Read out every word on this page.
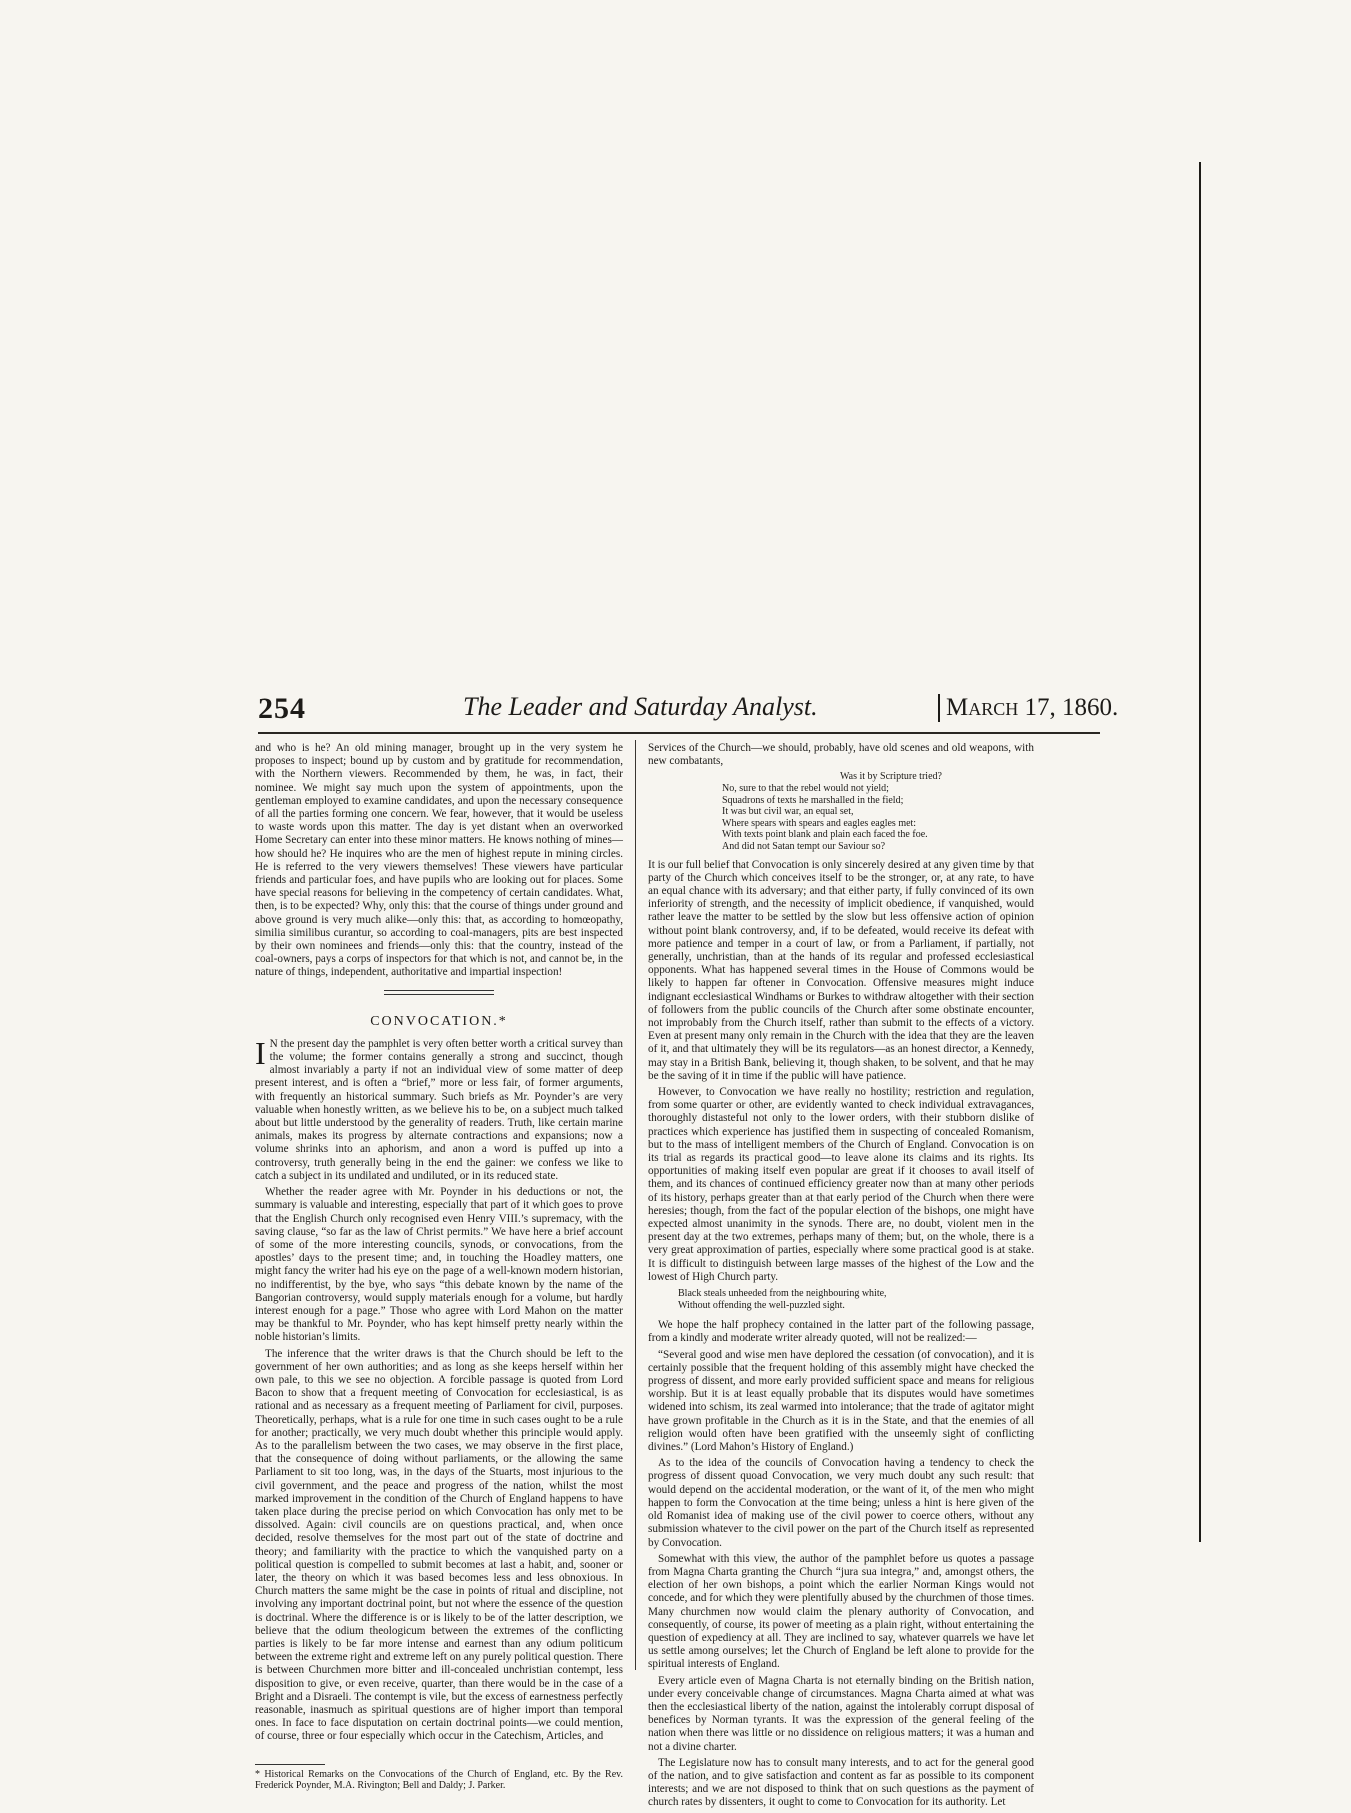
254	The Leader and Saturday Analyst.	March 17, 1860.

and who is he? An old mining manager, brought up in the very system he proposes to inspect; bound up by custom and by gratitude for recommendation, with the Northern viewers. Recommended by them, he was, in fact, their nominee. We might say much upon the system of appointments, upon the gentleman employed to examine candidates, and upon the necessary consequence of all the parties forming one concern. We fear, however, that it would be useless to waste words upon this matter. The day is yet distant when an overworked Home Secretary can enter into these minor matters. He knows nothing of mines—how should he? He inquires who are the men of highest repute in mining circles. He is referred to the very viewers themselves! These viewers have particular friends and particular foes, and have pupils who are looking out for places. Some have special reasons for believing in the competency of certain candidates. What, then, is to be expected? Why, only this: that the course of things under ground and above ground is very much alike—only this: that, as according to homœopathy, similia similibus curantur, so according to coal-managers, pits are best inspected by their own nominees and friends—only this: that the country, instead of the coal-owners, pays a corps of inspectors for that which is not, and cannot be, in the nature of things, independent, authoritative and impartial inspection!

CONVOCATION.*

I N the present day the pamphlet is very often better worth a critical survey than the volume; the former contains generally a strong and succinct, though almost invariably a party if not an individual view of some matter of deep present interest, and is often a “brief,” more or less fair, of former arguments, with frequently an historical summary. Such briefs as Mr. Poynder’s are very valuable when honestly written, as we believe his to be, on a subject much talked about but little understood by the generality of readers. Truth, like certain marine animals, makes its progress by alternate contractions and expansions; now a volume shrinks into an aphorism, and anon a word is puffed up into a controversy, truth generally being in the end the gainer: we confess we like to catch a subject in its undilated and undiluted, or in its reduced state.

Whether the reader agree with Mr. Poynder in his deductions or not, the summary is valuable and interesting, especially that part of it which goes to prove that the English Church only recognised even Henry VIII.’s supremacy, with the saving clause, “so far as the law of Christ permits.” We have here a brief account of some of the more interesting councils, synods, or convocations, from the apostles’ days to the present time; and, in touching the Hoadley matters, one might fancy the writer had his eye on the page of a well-known modern historian, no indifferentist, by the bye, who says “this debate known by the name of the Bangorian controversy, would supply materials enough for a volume, but hardly interest enough for a page.” Those who agree with Lord Mahon on the matter may be thankful to Mr. Poynder, who has kept himself pretty nearly within the noble historian’s limits.

The inference that the writer draws is that the Church should be left to the government of her own authorities; and as long as she keeps herself within her own pale, to this we see no objection. A forcible passage is quoted from Lord Bacon to show that a frequent meeting of Convocation for ecclesiastical, is as rational and as necessary as a frequent meeting of Parliament for civil, purposes. Theoretically, perhaps, what is a rule for one time in such cases ought to be a rule for another; practically, we very much doubt whether this principle would apply. As to the parallelism between the two cases, we may observe in the first place, that the consequence of doing without parliaments, or the allowing the same Parliament to sit too long, was, in the days of the Stuarts, most injurious to the civil government, and the peace and progress of the nation, whilst the most marked improvement in the condition of the Church of England happens to have taken place during the precise period on which Convocation has only met to be dissolved. Again: civil councils are on questions practical, and, when once decided, resolve themselves for the most part out of the state of doctrine and theory; and familiarity with the practice to which the vanquished party on a political question is compelled to submit becomes at last a habit, and, sooner or later, the theory on which it was based becomes less and less obnoxious. In Church matters the same might be the case in points of ritual and discipline, not involving any important doctrinal point, but not where the essence of the question is doctrinal. Where the difference is or is likely to be of the latter description, we believe that the odium theologicum between the extremes of the conflicting parties is likely to be far more intense and earnest than any odium politicum between the extreme right and extreme left on any purely political question. There is between Churchmen more bitter and ill-concealed unchristian contempt, less disposition to give, or even receive, quarter, than there would be in the case of a Bright and a Disraeli. The contempt is vile, but the excess of earnestness perfectly reasonable, inasmuch as spiritual questions are of higher import than temporal ones. In face to face disputation on certain doctrinal points—we could mention, of course, three or four especially which occur in the Catechism, Articles, and

* Historical Remarks on the Convocations of the Church of England, etc. By the Rev. Frederick Poynder, M.A. Rivington; Bell and Daldy; J. Parker.

Services of the Church—we should, probably, have old scenes and old weapons, with new combatants,

Was it by Scripture tried?
No, sure to that the rebel would not yield;
Squadrons of texts he marshalled in the field;
It was but civil war, an equal set,
Where spears with spears and eagles eagles met:
With texts point blank and plain each faced the foe.
And did not Satan tempt our Saviour so?

It is our full belief that Convocation is only sincerely desired at any given time by that party of the Church which conceives itself to be the stronger, or, at any rate, to have an equal chance with its adversary; and that either party, if fully convinced of its own inferiority of strength, and the necessity of implicit obedience, if vanquished, would rather leave the matter to be settled by the slow but less offensive action of opinion without point blank controversy, and, if to be defeated, would receive its defeat with more patience and temper in a court of law, or from a Parliament, if partially, not generally, unchristian, than at the hands of its regular and professed ecclesiastical opponents. What has happened several times in the House of Commons would be likely to happen far oftener in Convocation. Offensive measures might induce indignant ecclesiastical Windhams or Burkes to withdraw altogether with their section of followers from the public councils of the Church after some obstinate encounter, not improbably from the Church itself, rather than submit to the effects of a victory. Even at present many only remain in the Church with the idea that they are the leaven of it, and that ultimately they will be its regulators—as an honest director, a Kennedy, may stay in a British Bank, believing it, though shaken, to be solvent, and that he may be the saving of it in time if the public will have patience.

However, to Convocation we have really no hostility; restriction and regulation, from some quarter or other, are evidently wanted to check individual extravagances, thoroughly distasteful not only to the lower orders, with their stubborn dislike of practices which experience has justified them in suspecting of concealed Romanism, but to the mass of intelligent members of the Church of England. Convocation is on its trial as regards its practical good—to leave alone its claims and its rights. Its opportunities of making itself even popular are great if it chooses to avail itself of them, and its chances of continued efficiency greater now than at many other periods of its history, perhaps greater than at that early period of the Church when there were heresies; though, from the fact of the popular election of the bishops, one might have expected almost unanimity in the synods. There are, no doubt, violent men in the present day at the two extremes, perhaps many of them; but, on the whole, there is a very great approximation of parties, especially where some practical good is at stake. It is difficult to distinguish between large masses of the highest of the Low and the lowest of High Church party.

Black steals unheeded from the neighbouring white,
Without offending the well-puzzled sight.

We hope the half prophecy contained in the latter part of the following passage, from a kindly and moderate writer already quoted, will not be realized:—

“Several good and wise men have deplored the cessation (of convocation), and it is certainly possible that the frequent holding of this assembly might have checked the progress of dissent, and more early provided sufficient space and means for religious worship. But it is at least equally probable that its disputes would have sometimes widened into schism, its zeal warmed into intolerance; that the trade of agitator might have grown profitable in the Church as it is in the State, and that the enemies of all religion would often have been gratified with the unseemly sight of conflicting divines.” (Lord Mahon’s History of England.)

As to the idea of the councils of Convocation having a tendency to check the progress of dissent quoad Convocation, we very much doubt any such result: that would depend on the accidental moderation, or the want of it, of the men who might happen to form the Convocation at the time being; unless a hint is here given of the old Romanist idea of making use of the civil power to coerce others, without any submission whatever to the civil power on the part of the Church itself as represented by Convocation.

Somewhat with this view, the author of the pamphlet before us quotes a passage from Magna Charta granting the Church “jura sua integra,” and, amongst others, the election of her own bishops, a point which the earlier Norman Kings would not concede, and for which they were plentifully abused by the churchmen of those times. Many churchmen now would claim the plenary authority of Convocation, and consequently, of course, its power of meeting as a plain right, without entertaining the question of expediency at all. They are inclined to say, whatever quarrels we have let us settle among ourselves; let the Church of England be left alone to provide for the spiritual interests of England.

Every article even of Magna Charta is not eternally binding on the British nation, under every conceivable change of circumstances. Magna Charta aimed at what was then the ecclesiastical liberty of the nation, against the intolerably corrupt disposal of benefices by Norman tyrants. It was the expression of the general feeling of the nation when there was little or no dissidence on religious matters; it was a human and not a divine charter.

The Legislature now has to consult many interests, and to act for the general good of the nation, and to give satisfaction and content as far as possible to its component interests; and we are not disposed to think that on such questions as the payment of church rates by dissenters, it ought to come to Convocation for its authority. Let
